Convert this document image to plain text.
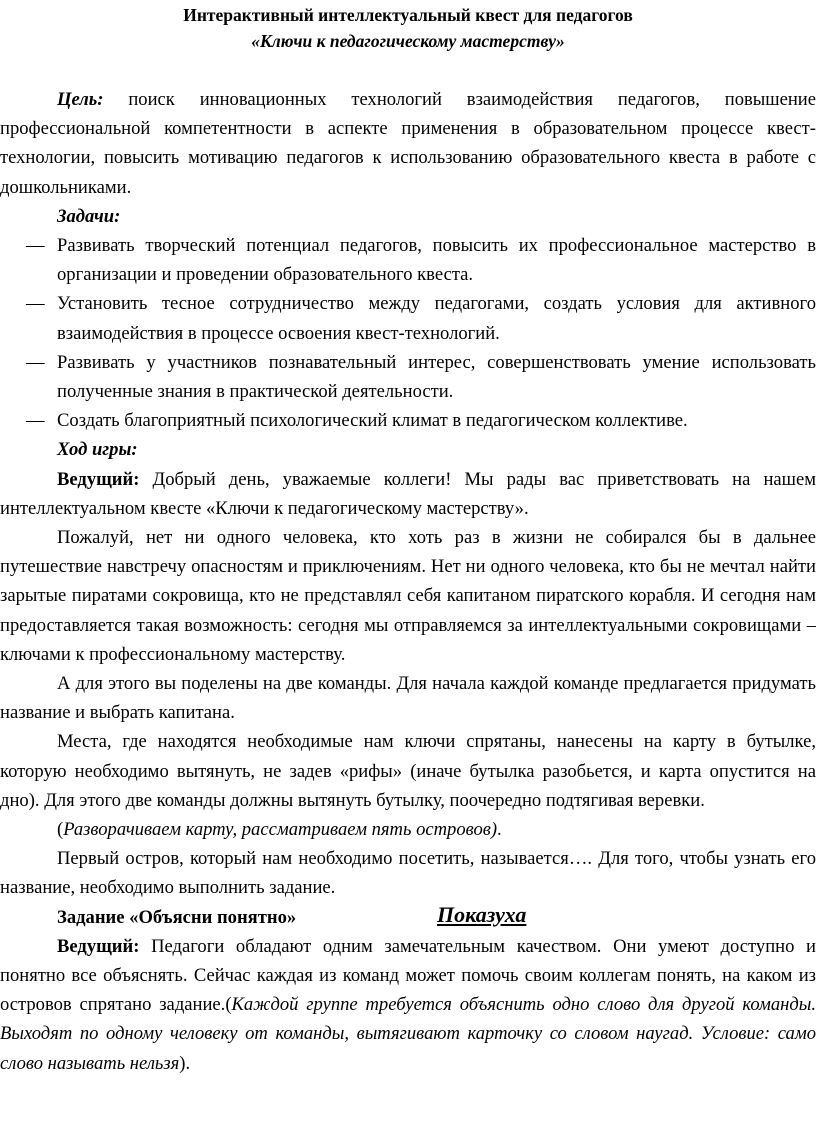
Интерактивный интеллектуальный квест для педагогов
«Ключи к педагогическому мастерству»

Цель: поиск инновационных технологий взаимодействия педагогов, повышение профессиональной компетентности в аспекте применения в образовательном процессе квест-технологии, повысить мотивацию педагогов к использованию образовательного квеста в работе с дошкольниками.

Задачи:

— Развивать творческий потенциал педагогов, повысить их профессиональное мастерство в организации и проведении образовательного квеста.
— Установить тесное сотрудничество между педагогами, создать условия для активного взаимодействия в процессе освоения квест-технологий.
— Развивать у участников познавательный интерес, совершенствовать умение использовать полученные знания в практической деятельности.
— Создать благоприятный психологический климат в педагогическом коллективе.

Ход игры:

Ведущий: Добрый день, уважаемые коллеги! Мы рады вас приветствовать на нашем интеллектуальном квесте «Ключи к педагогическому мастерству».

Пожалуй, нет ни одного человека, кто хоть раз в жизни не собирался бы в дальнее путешествие навстречу опасностям и приключениям. Нет ни одного человека, кто бы не мечтал найти зарытые пиратами сокровища, кто не представлял себя капитаном пиратского корабля. И сегодня нам предоставляется такая возможность: сегодня мы отправляемся за интеллектуальными сокровищами – ключами к профессиональному мастерству.

А для этого вы поделены на две команды. Для начала каждой команде предлагается придумать название и выбрать капитана.

Места, где находятся необходимые нам ключи спрятаны, нанесены на карту в бутылке, которую необходимо вытянуть, не задев «рифы» (иначе бутылка разобьется, и карта опустится на дно). Для этого две команды должны вытянуть бутылку, поочередно подтягивая веревки.

(Разворачиваем карту, рассматриваем пять островов).

Первый остров, который нам необходимо посетить, называется…. Для того, чтобы узнать его название, необходимо выполнить задание.

Задание «Объясни понятно»	Показуха

Ведущий: Педагоги обладают одним замечательным качеством. Они умеют доступно и понятно все объяснять. Сейчас каждая из команд может помочь своим коллегам понять, на каком из островов спрятано задание.(Каждой группе требуется объяснить одно слово для другой команды. Выходят по одному человеку от команды, вытягивают карточку со словом наугад. Условие: само слово называть нельзя).
